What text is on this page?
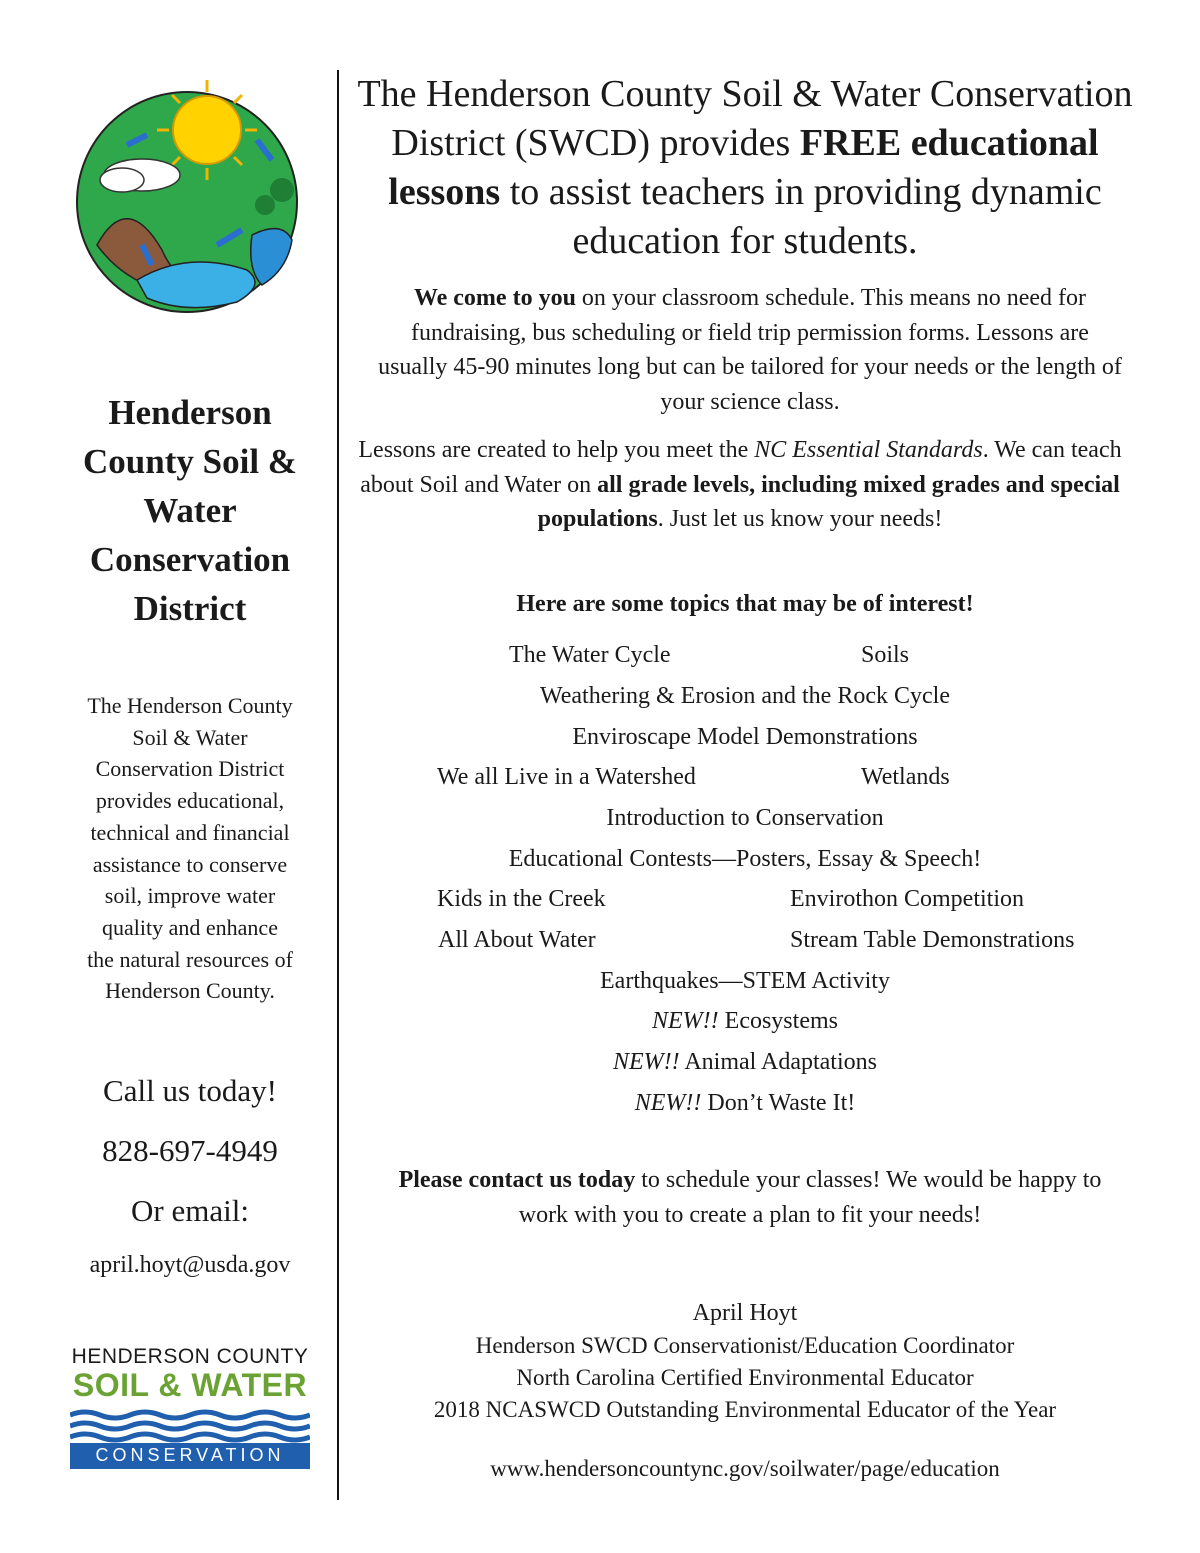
Henderson
County Soil &
Water
Conservation
District
The Henderson County
Soil & Water
Conservation District
provides educational,
technical and financial
assistance to conserve
soil, improve water
quality and enhance
the natural resources of
Henderson County.
Call us today!
828-697-4949
Or email:
april.hoyt@usda.gov
HENDERSON COUNTY
SOIL & WATER
CONSERVATION
The Henderson County Soil & Water Conservation District (SWCD) provides FREE educational lessons to assist teachers in providing dynamic education for students.
We come to you on your classroom schedule. This means no need for fundraising, bus scheduling or field trip permission forms. Lessons are usually 45-90 minutes long but can be tailored for your needs or the length of your science class.
Lessons are created to help you meet the NC Essential Standards. We can teach about Soil and Water on all grade levels, including mixed grades and special populations. Just let us know your needs!
Here are some topics that may be of interest!
The Water Cycle	Soils
Weathering & Erosion and the Rock Cycle
Enviroscape Model Demonstrations
We all Live in a Watershed	Wetlands
Introduction to Conservation
Educational Contests—Posters, Essay & Speech!
Kids in the Creek	Envirothon Competition
All About Water	Stream Table Demonstrations
Earthquakes—STEM Activity
NEW!! Ecosystems
NEW!! Animal Adaptations
NEW!! Don’t Waste It!
Please contact us today to schedule your classes! We would be happy to work with you to create a plan to fit your needs!
April Hoyt
Henderson SWCD Conservationist/Education Coordinator
North Carolina Certified Environmental Educator
2018 NCASWCD Outstanding Environmental Educator of the Year
www.hendersoncountync.gov/soilwater/page/education
